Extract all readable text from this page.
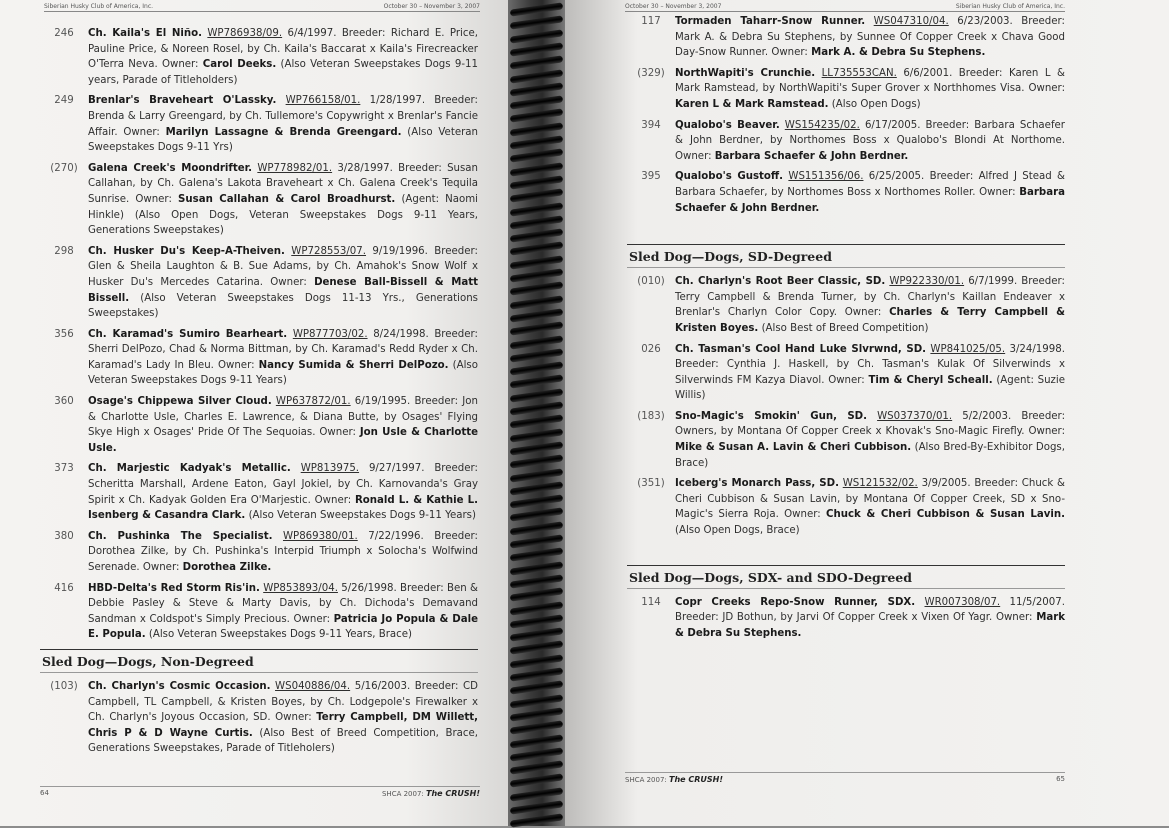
Siberian Husky Club of America, Inc.	October 30 – November 3, 2007
246	Ch. Kaila's El Niño. WP786938/09. 6/4/1997. Breeder: Richard E. Price, Pauline Price, & Noreen Rosel, by Ch. Kaila's Baccarat x Kaila's Firecreacker O'Terra Neva. Owner: Carol Deeks. (Also Veteran Sweepstakes Dogs 9-11 years, Parade of Titleholders)
249	Brenlar's Braveheart O'Lassky. WP766158/01. 1/28/1997. Breeder: Brenda & Larry Greengard, by Ch. Tullemore's Copywright x Brenlar's Fancie Affair. Owner: Marilyn Lassagne & Brenda Greengard. (Also Veteran Sweepstakes Dogs 9-11 Yrs)
(270)	Galena Creek's Moondrifter. WP778982/01. 3/28/1997. Breeder: Susan Callahan, by Ch. Galena's Lakota Braveheart x Ch. Galena Creek's Tequila Sunrise. Owner: Susan Callahan & Carol Broadhurst. (Agent: Naomi Hinkle) (Also Open Dogs, Veteran Sweepstakes Dogs 9-11 Years, Generations Sweepstakes)
298	Ch. Husker Du's Keep-A-Theiven. WP728553/07. 9/19/1996. Breeder: Glen & Sheila Laughton & B. Sue Adams, by Ch. Amahok's Snow Wolf x Husker Du's Mercedes Catarina. Owner: Denese Ball-Bissell & Matt Bissell. (Also Veteran Sweepstakes Dogs 11-13 Yrs., Generations Sweepstakes)
356	Ch. Karamad's Sumiro Bearheart. WP877703/02. 8/24/1998. Breeder: Sherri DelPozo, Chad & Norma Bittman, by Ch. Karamad's Redd Ryder x Ch. Karamad's Lady In Bleu. Owner: Nancy Sumida & Sherri DelPozo. (Also Veteran Sweepstakes Dogs 9-11 Years)
360	Osage's Chippewa Silver Cloud. WP637872/01. 6/19/1995. Breeder: Jon & Charlotte Usle, Charles E. Lawrence, & Diana Butte, by Osages' Flying Skye High x Osages' Pride Of The Sequoias. Owner: Jon Usle & Charlotte Usle.
373	Ch. Marjestic Kadyak's Metallic. WP813975. 9/27/1997. Breeder: Scheritta Marshall, Ardene Eaton, Gayl Jokiel, by Ch. Karnovanda's Gray Spirit x Ch. Kadyak Golden Era O'Marjestic. Owner: Ronald L. & Kathie L. Isenberg & Casandra Clark. (Also Veteran Sweepstakes Dogs 9-11 Years)
380	Ch. Pushinka The Specialist. WP869380/01. 7/22/1996. Breeder: Dorothea Zilke, by Ch. Pushinka's Interpid Triumph x Solocha's Wolfwind Serenade. Owner: Dorothea Zilke.
416	HBD-Delta's Red Storm Ris'in. WP853893/04. 5/26/1998. Breeder: Ben & Debbie Pasley & Steve & Marty Davis, by Ch. Dichoda's Demavand Sandman x Coldspot's Simply Precious. Owner: Patricia Jo Popula & Dale E. Popula. (Also Veteran Sweepstakes Dogs 9-11 Years, Brace)
Sled Dog—Dogs, Non-Degreed
(103)	Ch. Charlyn's Cosmic Occasion. WS040886/04. 5/16/2003. Breeder: CD Campbell, TL Campbell, & Kristen Boyes, by Ch. Lodgepole's Firewalker x Ch. Charlyn's Joyous Occasion, SD. Owner: Terry Campbell, DM Willett, Chris P & D Wayne Curtis. (Also Best of Breed Competition, Brace, Generations Sweepstakes, Parade of Titleholers)
64	SHCA 2007: The CRUSH!
October 30 – November 3, 2007	Siberian Husky Club of America, Inc.
117	Tormaden Taharr-Snow Runner. WS047310/04. 6/23/2003. Breeder: Mark A. & Debra Su Stephens, by Sunnee Of Copper Creek x Chava Good Day-Snow Runner. Owner: Mark A. & Debra Su Stephens.
(329)	NorthWapiti's Crunchie. LL735553CAN. 6/6/2001. Breeder: Karen L & Mark Ramstead, by NorthWapiti's Super Grover x Northhomes Visa. Owner: Karen L & Mark Ramstead. (Also Open Dogs)
394	Qualobo's Beaver. WS154235/02. 6/17/2005. Breeder: Barbara Schaefer & John Berdner, by Northomes Boss x Qualobo's Blondi At Northome. Owner: Barbara Schaefer & John Berdner.
395	Qualobo's Gustoff. WS151356/06. 6/25/2005. Breeder: Alfred J Stead & Barbara Schaefer, by Northomes Boss x Northomes Roller. Owner: Barbara Schaefer & John Berdner.
Sled Dog—Dogs, SD-Degreed
(010)	Ch. Charlyn's Root Beer Classic, SD. WP922330/01. 6/7/1999. Breeder: Terry Campbell & Brenda Turner, by Ch. Charlyn's Kaillan Endeaver x Brenlar's Charlyn Color Copy. Owner: Charles & Terry Campbell & Kristen Boyes. (Also Best of Breed Competition)
026	Ch. Tasman's Cool Hand Luke Slvrwnd, SD. WP841025/05. 3/24/1998. Breeder: Cynthia J. Haskell, by Ch. Tasman's Kulak Of Silverwinds x Silverwinds FM Kazya Diavol. Owner: Tim & Cheryl Scheall. (Agent: Suzie Willis)
(183)	Sno-Magic's Smokin' Gun, SD. WS037370/01. 5/2/2003. Breeder: Owners, by Montana Of Copper Creek x Khovak's Sno-Magic Firefly. Owner: Mike & Susan A. Lavin & Cheri Cubbison. (Also Bred-By-Exhibitor Dogs, Brace)
(351)	Iceberg's Monarch Pass, SD. WS121532/02. 3/9/2005. Breeder: Chuck & Cheri Cubbison & Susan Lavin, by Montana Of Copper Creek, SD x Sno-Magic's Sierra Roja. Owner: Chuck & Cheri Cubbison & Susan Lavin. (Also Open Dogs, Brace)
Sled Dog—Dogs, SDX- and SDO-Degreed
114	Copr Creeks Repo-Snow Runner, SDX. WR007308/07. 11/5/2007. Breeder: JD Bothun, by Jarvi Of Copper Creek x Vixen Of Yagr. Owner: Mark & Debra Su Stephens.
SHCA 2007: The CRUSH!	65
